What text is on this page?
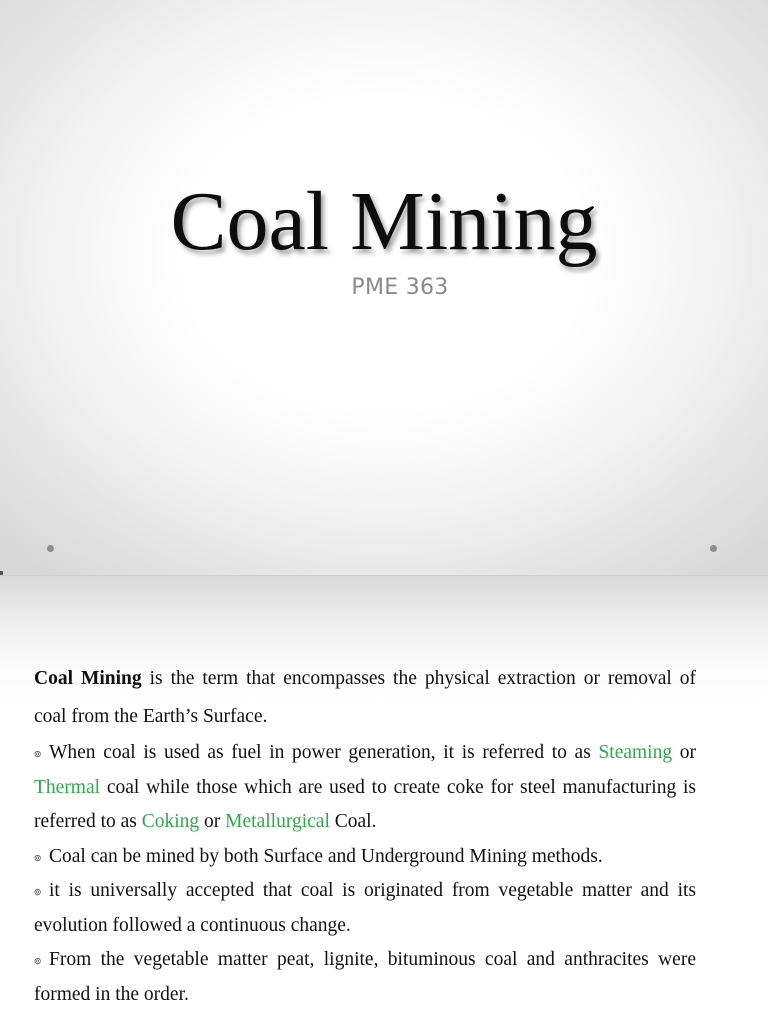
Coal Mining
PME 363

Coal Mining is the term that encompasses the physical extraction or removal of coal from the Earth’s Surface.

๏ When coal is used as fuel in power generation, it is referred to as Steaming or Thermal coal while those which are used to create coke for steel manufacturing is referred to as Coking or Metallurgical Coal.

๏ Coal can be mined by both Surface and Underground Mining methods.

๏ it is universally accepted that coal is originated from vegetable matter and its evolution followed a continuous change.

๏ From the vegetable matter peat, lignite, bituminous coal and anthracites were formed in the order.
